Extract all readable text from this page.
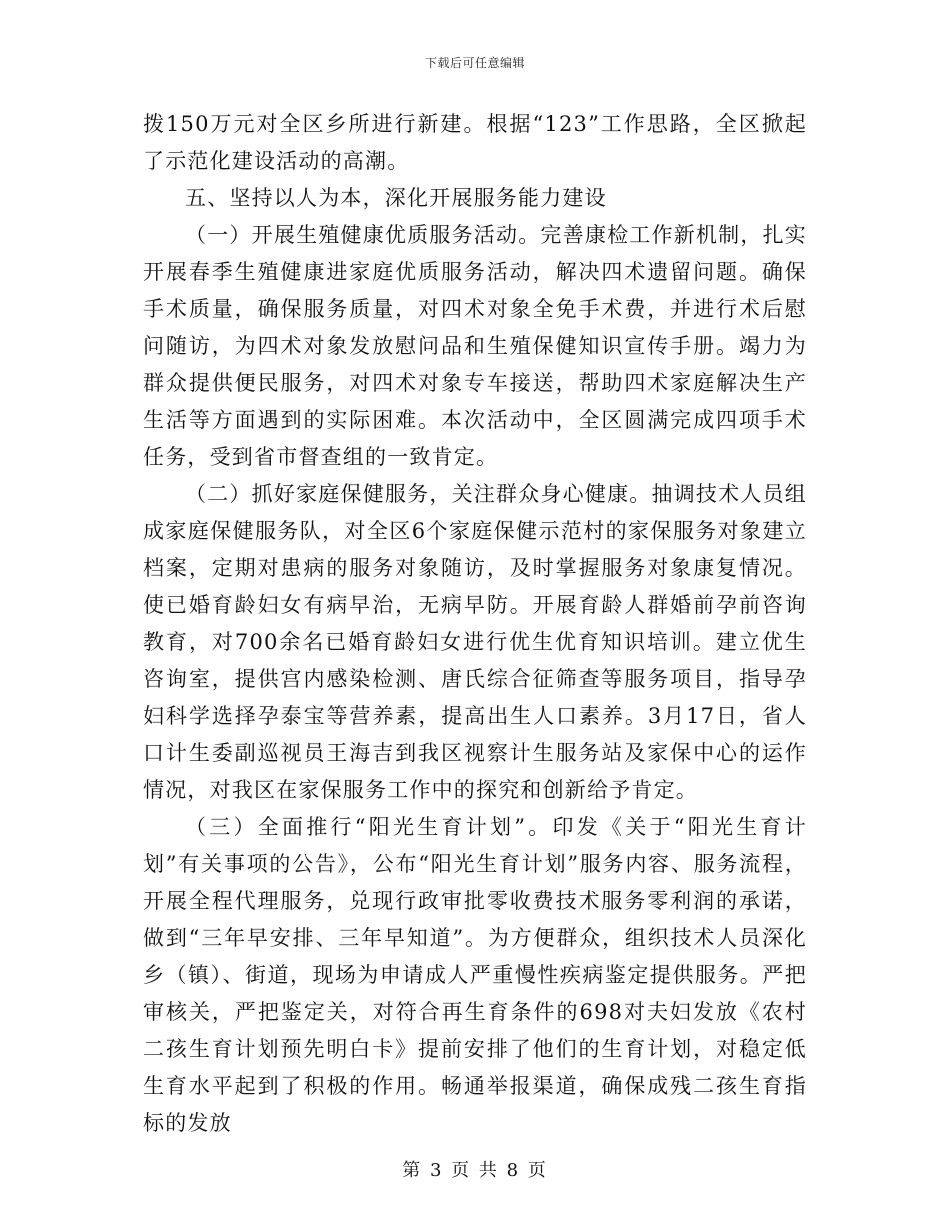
下载后可任意编辑

拨150万元对全区乡所进行新建。根据“123”工作思路，全区掀起了示范化建设活动的高潮。

五、坚持以人为本，深化开展服务能力建设

（一）开展生殖健康优质服务活动。完善康检工作新机制，扎实开展春季生殖健康进家庭优质服务活动，解决四术遗留问题。确保手术质量，确保服务质量，对四术对象全免手术费，并进行术后慰问随访，为四术对象发放慰问品和生殖保健知识宣传手册。竭力为群众提供便民服务，对四术对象专车接送，帮助四术家庭解决生产生活等方面遇到的实际困难。本次活动中，全区圆满完成四项手术任务，受到省市督查组的一致肯定。

（二）抓好家庭保健服务，关注群众身心健康。抽调技术人员组成家庭保健服务队，对全区6个家庭保健示范村的家保服务对象建立档案，定期对患病的服务对象随访，及时掌握服务对象康复情况。使已婚育龄妇女有病早治，无病早防。开展育龄人群婚前孕前咨询教育，对700余名已婚育龄妇女进行优生优育知识培训。建立优生咨询室，提供宫内感染检测、唐氏综合征筛查等服务项目，指导孕妇科学选择孕泰宝等营养素，提高出生人口素养。3月17日，省人口计生委副巡视员王海吉到我区视察计生服务站及家保中心的运作情况，对我区在家保服务工作中的探究和创新给予肯定。

（三）全面推行“阳光生育计划”。印发《关于“阳光生育计划”有关事项的公告》，公布“阳光生育计划”服务内容、服务流程，开展全程代理服务，兑现行政审批零收费技术服务零利润的承诺，做到“三年早安排、三年早知道”。为方便群众，组织技术人员深化乡（镇）、街道，现场为申请成人严重慢性疾病鉴定提供服务。严把审核关，严把鉴定关，对符合再生育条件的698对夫妇发放《农村二孩生育计划预先明白卡》提前安排了他们的生育计划，对稳定低生育水平起到了积极的作用。畅通举报渠道，确保成残二孩生育指标的发放

第 3 页 共 8 页
